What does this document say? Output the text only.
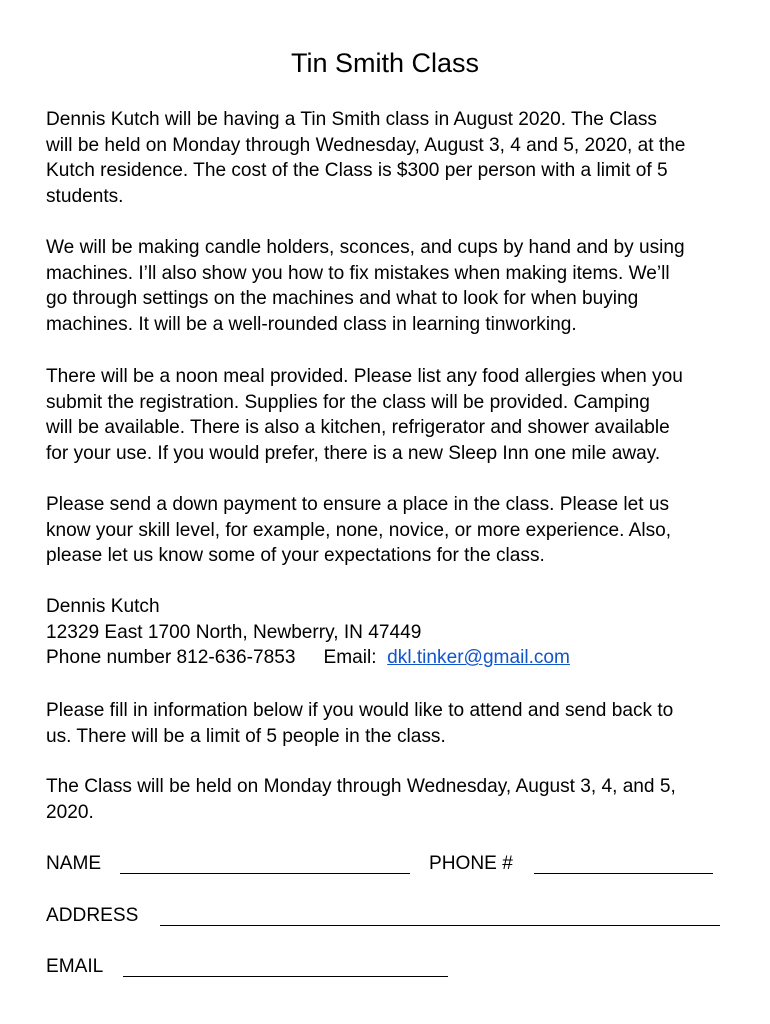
Tin Smith Class

Dennis Kutch will be having a Tin Smith class in August 2020. The Class
will be held on Monday through Wednesday, August 3, 4 and 5, 2020, at the
Kutch residence. The cost of the Class is $300 per person with a limit of 5
students.

We will be making candle holders, sconces, and cups by hand and by using
machines. I’ll also show you how to fix mistakes when making items. We’ll
go through settings on the machines and what to look for when buying
machines. It will be a well-rounded class in learning tinworking.

There will be a noon meal provided. Please list any food allergies when you
submit the registration. Supplies for the class will be provided. Camping
will be available. There is also a kitchen, refrigerator and shower available
for your use. If you would prefer, there is a new Sleep Inn one mile away.

Please send a down payment to ensure a place in the class. Please let us
know your skill level, for example, none, novice, or more experience. Also,
please let us know some of your expectations for the class.

Dennis Kutch
12329 East 1700 North, Newberry, IN 47449
Phone number 812-636-7853 Email: dkl.tinker@gmail.com

Please fill in information below if you would like to attend and send back to
us. There will be a limit of 5 people in the class.

The Class will be held on Monday through Wednesday, August 3, 4, and 5,
2020.

NAME	PHONE #
ADDRESS
EMAIL
